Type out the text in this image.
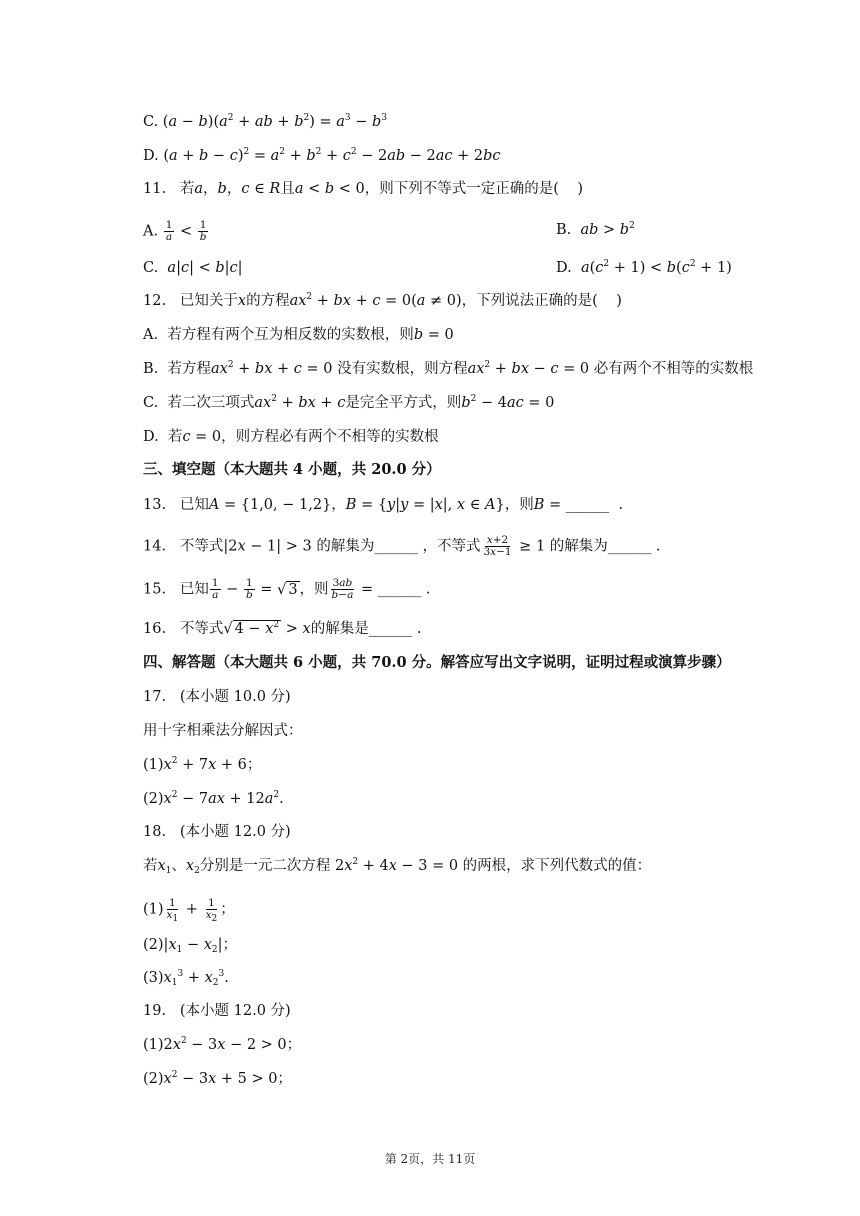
C. $(a - b)(a^2$ + ab + $b^2) = a^3 - b^3$
D. $(a + b - c)^2 = a^2 + b^2 + c^2 - 2ab - 2ac + 2bc$
11.   若a，b，c ∈ R且a < b < 0，则下列不等式一定正确的是(    )
A. $\frac{1}{a} < \frac{1}{b}$	B.  ab > $b^2$
C.  a|c| < b|c|	D.  $a(c^2 + 1) < b(c^2 + 1)$
12.   已知关于x的方程$ax^2$ + bx + c = 0(a ≠ 0)，下列说法正确的是(    )
A.  若方程有两个互为相反数的实数根，则b = 0
B.  若方程$ax^2$ + bx + c = 0 没有实数根，则方程$ax^2$ + bx − c = 0 必有两个不相等的实数根
C.  若二次三项式$ax^2$ + bx + c是完全平方式，则$b^2 - 4ac = 0$
D.  若c = 0，则方程必有两个不相等的实数根
三、填空题（本大题共 4 小题，共 20.0 分）
13.   已知A = {1,0, − 1,2}，B = {y|y = |x|, x ∈ A}，则B = ______  .
14.   不等式|2x − 1| > 3 的解集为______ ，不等式 $\frac{x+2}{3x-1} \ge 1$ 的解集为______ .
15.   已知 $\frac{1}{a} - \frac{1}{b}$ = √ 3 ，则 $\frac{3ab}{b-a}$ = ______ .
16.   不等式√ $4 - x^2 > x$的解集是______ .
四、解答题（本大题共 6 小题，共 70.0 分。解答应写出文字说明，证明过程或演算步骤）
17.   (本小题 10.0 分)
用十字相乘法分解因式：
$(1)x^2 + 7x + 6$；
$(2)x^2 - 7ax + 12a^2$.
18.   (本小题 12.0 分)
若$x_1$、$x_2$分别是一元二次方程 $2x^2 + 4x - 3 = 0$ 的两根，求下列代数式的值：
$(1) \frac{1}{x_1} + \frac{1}{x_2}$ ；
$(2)|x_1 - x_2|$；
$(3)x_1^3 + x_2^3$.
19.   (本小题 12.0 分)
$(1)2x^2 - 3x - 2 > 0$；
$(2)x^2 - 3x + 5 > 0$；
第 2页，共 11页
